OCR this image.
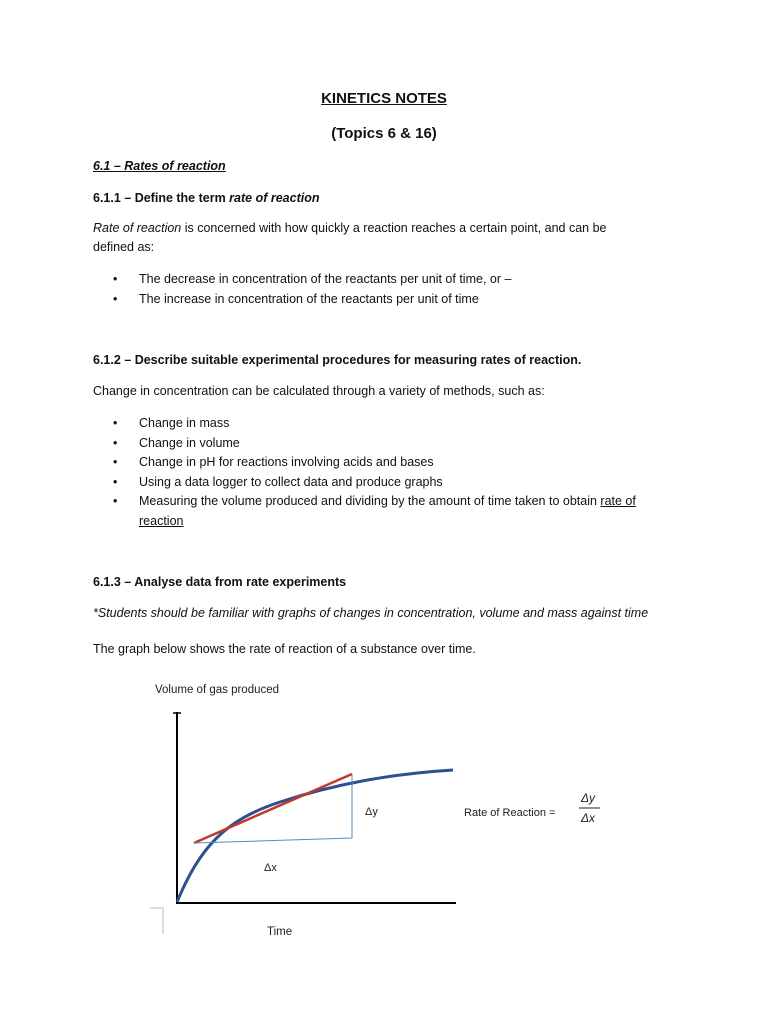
KINETICS NOTES
(Topics 6 & 16)
6.1 – Rates of reaction
6.1.1 – Define the term rate of reaction
Rate of reaction is concerned with how quickly a reaction reaches a certain point, and can be
defined as:
• The decrease in concentration of the reactants per unit of time, or –
• The increase in concentration of the reactants per unit of time
6.1.2 – Describe suitable experimental procedures for measuring rates of reaction.
Change in concentration can be calculated through a variety of methods, such as:
• Change in mass
• Change in volume
• Change in pH for reactions involving acids and bases
• Using a data logger to collect data and produce graphs
• Measuring the volume produced and dividing by the amount of time taken to obtain rate of
reaction
6.1.3 – Analyse data from rate experiments
*Students should be familiar with graphs of changes in concentration, volume and mass against time
The graph below shows the rate of reaction of a substance over time.
Volume of gas produced
Δx
Δy	Rate of Reaction =
Δy
Δx
Time
